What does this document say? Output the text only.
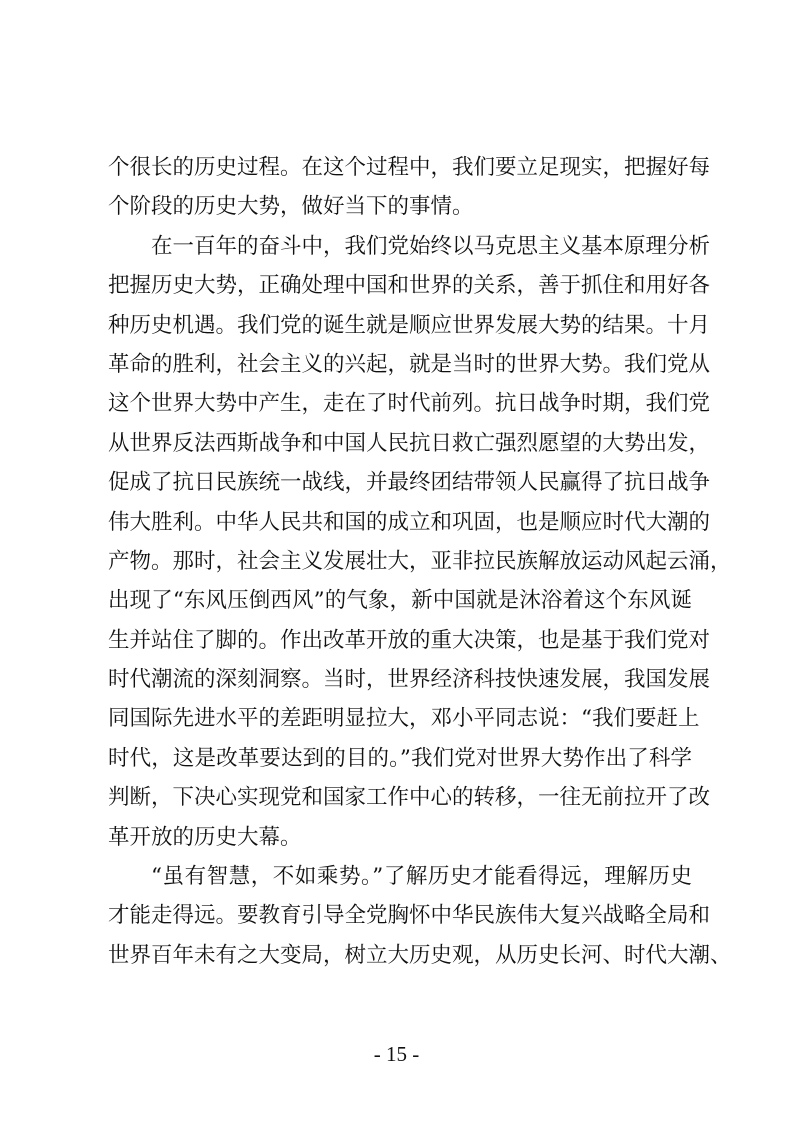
个很长的历史过程。在这个过程中，我们要立足现实，把握好每
个阶段的历史大势，做好当下的事情。
在一百年的奋斗中，我们党始终以马克思主义基本原理分析
把握历史大势，正确处理中国和世界的关系，善于抓住和用好各
种历史机遇。我们党的诞生就是顺应世界发展大势的结果。十月
革命的胜利，社会主义的兴起，就是当时的世界大势。我们党从
这个世界大势中产生，走在了时代前列。抗日战争时期，我们党
从世界反法西斯战争和中国人民抗日救亡强烈愿望的大势出发，
促成了抗日民族统一战线，并最终团结带领人民赢得了抗日战争
伟大胜利。中华人民共和国的成立和巩固，也是顺应时代大潮的
产物。那时，社会主义发展壮大，亚非拉民族解放运动风起云涌，
出现了“东风压倒西风”的气象，新中国就是沐浴着这个东风诞
生并站住了脚的。作出改革开放的重大决策，也是基于我们党对
时代潮流的深刻洞察。当时，世界经济科技快速发展，我国发展
同国际先进水平的差距明显拉大，邓小平同志说：“我们要赶上
时代，这是改革要达到的目的。”我们党对世界大势作出了科学
判断，下决心实现党和国家工作中心的转移，一往无前拉开了改
革开放的历史大幕。
“虽有智慧，不如乘势。”了解历史才能看得远，理解历史
才能走得远。要教育引导全党胸怀中华民族伟大复兴战略全局和
世界百年未有之大变局，树立大历史观，从历史长河、时代大潮、
- 15 -
